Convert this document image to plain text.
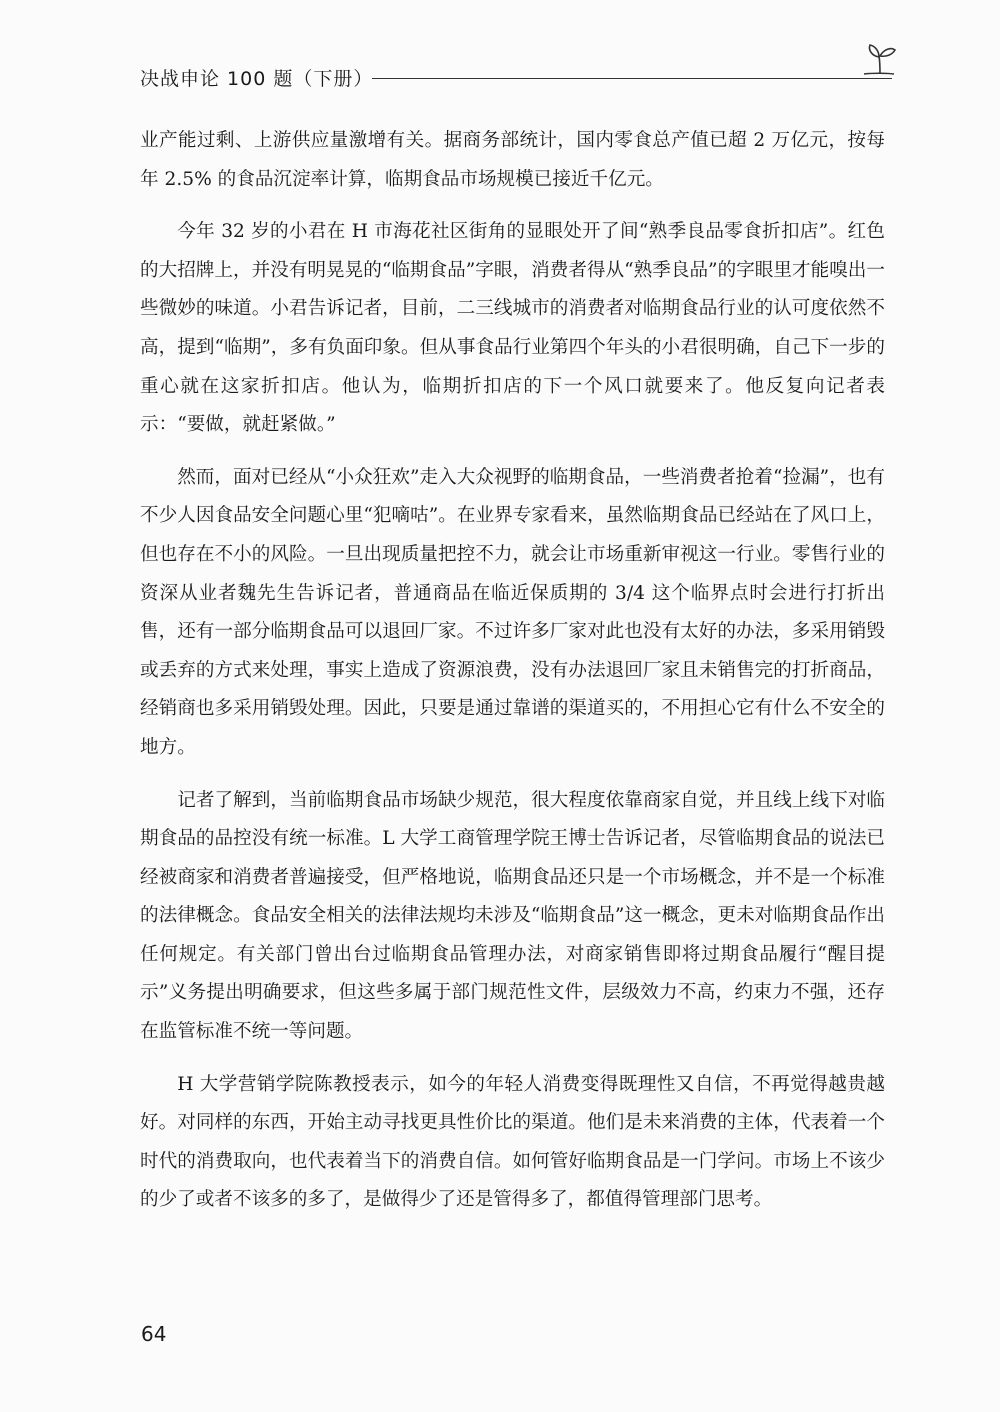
决战申论 100 题（下册）

业产能过剩、上游供应量激增有关。据商务部统计，国内零食总产值已超 2 万亿元，按每年 2.5% 的食品沉淀率计算，临期食品市场规模已接近千亿元。

今年 32 岁的小君在 H 市海花社区街角的显眼处开了间“熟季良品零食折扣店”。红色的大招牌上，并没有明晃晃的“临期食品”字眼，消费者得从“熟季良品”的字眼里才能嗅出一些微妙的味道。小君告诉记者，目前，二三线城市的消费者对临期食品行业的认可度依然不高，提到“临期”，多有负面印象。但从事食品行业第四个年头的小君很明确，自己下一步的重心就在这家折扣店。他认为，临期折扣店的下一个风口就要来了。他反复向记者表示：“要做，就赶紧做。”

然而，面对已经从“小众狂欢”走入大众视野的临期食品，一些消费者抢着“捡漏”，也有不少人因食品安全问题心里“犯嘀咕”。在业界专家看来，虽然临期食品已经站在了风口上，但也存在不小的风险。一旦出现质量把控不力，就会让市场重新审视这一行业。零售行业的资深从业者魏先生告诉记者，普通商品在临近保质期的 3/4 这个临界点时会进行打折出售，还有一部分临期食品可以退回厂家。不过许多厂家对此也没有太好的办法，多采用销毁或丢弃的方式来处理，事实上造成了资源浪费，没有办法退回厂家且未销售完的打折商品，经销商也多采用销毁处理。因此，只要是通过靠谱的渠道买的，不用担心它有什么不安全的地方。

记者了解到，当前临期食品市场缺少规范，很大程度依靠商家自觉，并且线上线下对临期食品的品控没有统一标准。L 大学工商管理学院王博士告诉记者，尽管临期食品的说法已经被商家和消费者普遍接受，但严格地说，临期食品还只是一个市场概念，并不是一个标准的法律概念。食品安全相关的法律法规均未涉及“临期食品”这一概念，更未对临期食品作出任何规定。有关部门曾出台过临期食品管理办法，对商家销售即将过期食品履行“醒目提示”义务提出明确要求，但这些多属于部门规范性文件，层级效力不高，约束力不强，还存在监管标准不统一等问题。

H 大学营销学院陈教授表示，如今的年轻人消费变得既理性又自信，不再觉得越贵越好。对同样的东西，开始主动寻找更具性价比的渠道。他们是未来消费的主体，代表着一个时代的消费取向，也代表着当下的消费自信。如何管好临期食品是一门学问。市场上不该少的少了或者不该多的多了，是做得少了还是管得多了，都值得管理部门思考。

64
